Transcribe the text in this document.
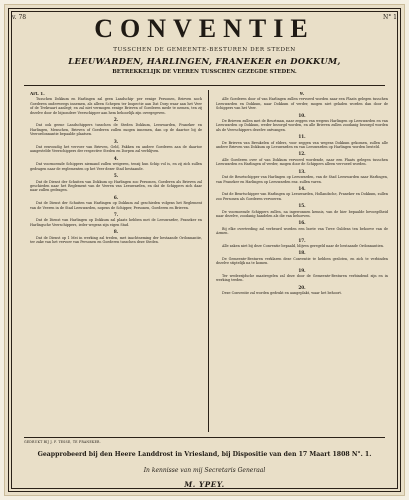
v. 78	N° 1
CONVENTIE
TUSSCHEN DE GEMEENTE-BESTUREN DER STEDEN
LEEUWARDEN, HARLINGEN, FRANEKER en DOKKUM,
BETREKKELIJK DE VEEREN TUSSCHEN GEZEGDE STEDEN.
Art. 1.
Tusschen Dokkum en Harlingen zal geen Landschip- per eenige Personen, Brieven noch Goederen onderweegs innemen, als alleen Schepen ter Inspectie aan Dat Dorp waar aan het Veer of de Trekvaart aanlegt; en zal niet vermogen eenige Brieven of Goederen mede te nemen, ten zij dezelve door de bijzondere Veerschipper aan hem behoorlijk zijn overgegeven.
2.
Dat ook geene Landschippers tusschen de Steden Dokkum, Leeuwarden, Franeker en Harlingen, Menschen, Brieven of Goederen zullen mogen innemen, dan op de daartoe bij de Veerordonnantie bepaalde plaatsen.
3.
Dat eenvoudig het vervoer van Brieven, Geld, Pakken en andere Goederen aan de daartoe aangestelde Veerschippers der respective Steden en Dorpen zal verblijven.
4.
Dat voornoemde Schippers niemand zullen weigeren, tenzij hun Schip vol is, en zij zich zullen gedragen naar de reglementen op het Veer dezer Stad bestaande.
5.
Dat de Dienst der Schuiten van Dokkum op Harlingen zoo Personen, Goederen als Brieven zal geschieden naar het Reglement van de Veeren van Leeuwarden, en dat de Schippers zich daar naar zullen gedragen.
6.
Dat de Dienst der Schuiten van Harlingen op Dokkum zal geschieden volgens het Reglement van de Veeren in de Stad Leeuwarden, nopens de Schipper, Personen, Goederen en Brieven.
7.
Dat de Dienst van Harlingen op Dokkum zal plaats hebben met de Leeuwarder, Franeker en Harlingsche Veerschippers, ieder wegens zijn eigen Stad.
8.
Dat de Dienst op 1 Mei in werking zal treden, met inachtneming der bestaande Ordonnantie, ter zake van het vervoer van Personen en Goederen tusschen deze Steden.
9.
Alle Goederen door of van Harlingen zullen vervoerd worden naar een Plaats gelegen tusschen Leeuwarden en Dokkum, naar Dokkum of verder, mogen niet geladen worden dan door de Schippers van het Veer.
10.
De Brieven zullen met de Beurtman, naar zeggen van wegens Harlingen op Leeuwarden en van Leeuwarden op Dokkum, weder bezorgd worden, en alle Brieven zullen zoodanig bezorgd worden als de Veerschippers dezelve ontvangen.
11.
De Brieven van Breukelen of elders, voor zeggen van wegens Dokkum gekomen, zullen alle andere Brieven van Dokkum op Leeuwarden en van Leeuwarden op Harlingen worden besteld.
12.
Alle Goederen over of van Dokkum vervoerd wordende, naar een Plaats gelegen tusschen Leeuwarden en Harlingen of verder, mogen door de Schippers alleen vervoerd worden.
13.
Dat de Beurtschipper van Harlingen op Leeuwarden, van de Stad Leeuwarden naar Harlingen, van Franeker en Harlingen op Leeuwarden enz. zullen varen.
14.
Dat de Beurtschipper van Harlingen op Leeuwarden, Hollandsche, Franeker en Dokkum, zullen zoo Personen als Goederen vervoeren.
15.
De voornoemde Schippers zullen, na ingewonnen kennis, van de hier bepaalde bevoegdheid naar dezelve, zoodanig handelen als die van behoeven.
16.
Bij elke overtreding zal verbeurd worden een boete van Twee Guldens ten behoeve van de Armen.
17.
Alle zaken niet bij deze Conventie bepaald, blijven geregeld naar de bestaande Ordonnantien.
18.
De Gemeente-Besturen verklaren deze Conventie te hebben gesloten, en zich te verbinden dezelve stiptelijk na te komen.
19.
Ter wederzijdsche maatregelen zal deze door de Gemeente-Besturen verbindend zijn en in werking treden.
20.
Deze Conventie zal worden gedrukt en aangeplakt, waar het behoort.
GEDRUKT BIJ J. F. TESSE, TE FRANEKER.
Geapprobeerd bij den Heere Landdrost in Vriesland, bij Dispositie van den 17 Maart 1808 N°. 1.
In kennisse van mij Secretaris Generaal
M. YPEY.
